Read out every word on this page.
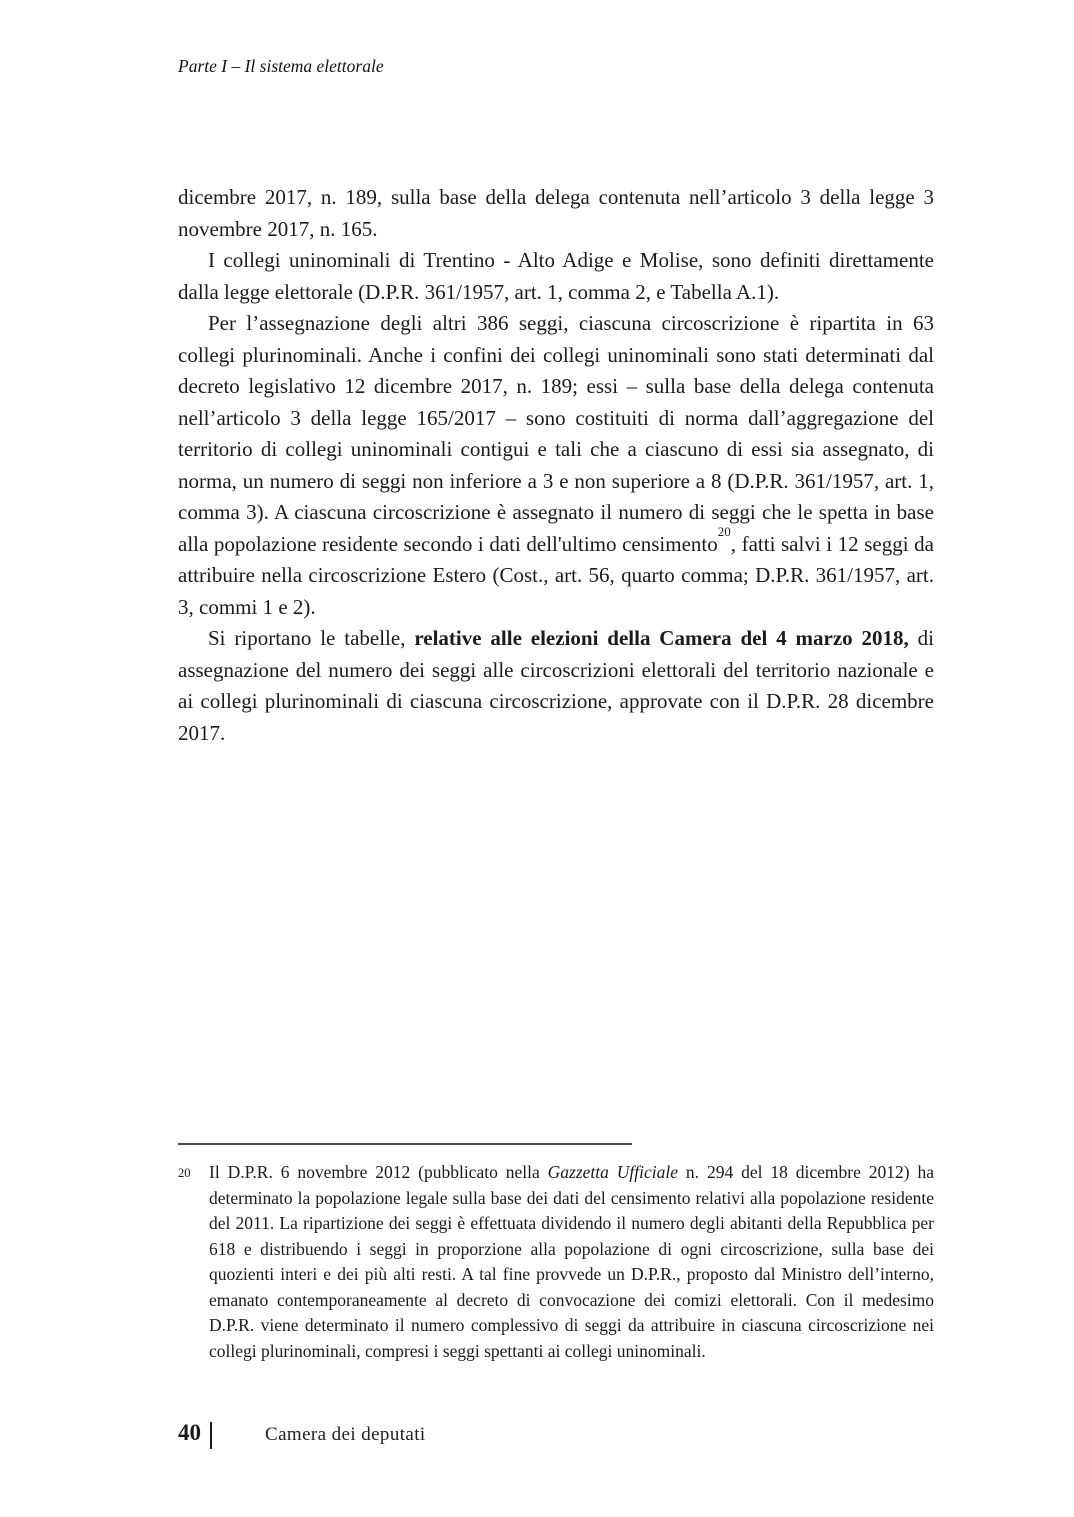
Parte I – Il sistema elettorale

dicembre 2017, n. 189, sulla base della delega contenuta nell’articolo 3 della legge 3 novembre 2017, n. 165.

I collegi uninominali di Trentino - Alto Adige e Molise, sono definiti direttamente dalla legge elettorale (D.P.R. 361/1957, art. 1, comma 2, e Tabella A.1).

Per l’assegnazione degli altri 386 seggi, ciascuna circoscrizione è ripartita in 63 collegi plurinominali. Anche i confini dei collegi uninominali sono stati determinati dal decreto legislativo 12 dicembre 2017, n. 189; essi – sulla base della delega contenuta nell’articolo 3 della legge 165/2017 – sono costituiti di norma dall’aggregazione del territorio di collegi uninominali contigui e tali che a ciascuno di essi sia assegnato, di norma, un numero di seggi non inferiore a 3 e non superiore a 8 (D.P.R. 361/1957, art. 1, comma 3). A ciascuna circoscrizione è assegnato il numero di seggi che le spetta in base alla popolazione residente secondo i dati dell'ultimo censimento$^{20}$, fatti salvi i 12 seggi da attribuire nella circoscrizione Estero (Cost., art. 56, quarto comma; D.P.R. 361/1957, art. 3, commi 1 e 2).

Si riportano le tabelle, relative alle elezioni della Camera del 4 marzo 2018, di assegnazione del numero dei seggi alle circoscrizioni elettorali del territorio nazionale e ai collegi plurinominali di ciascuna circoscrizione, approvate con il D.P.R. 28 dicembre 2017.

20	Il D.P.R. 6 novembre 2012 (pubblicato nella Gazzetta Ufficiale n. 294 del 18 dicembre 2012) ha determinato la popolazione legale sulla base dei dati del censimento relativi alla popolazione residente del 2011. La ripartizione dei seggi è effettuata dividendo il numero degli abitanti della Repubblica per 618 e distribuendo i seggi in proporzione alla popolazione di ogni circoscrizione, sulla base dei quozienti interi e dei più alti resti. A tal fine provvede un D.P.R., proposto dal Ministro dell’interno, emanato contemporaneamente al decreto di convocazione dei comizi elettorali. Con il medesimo D.P.R. viene determinato il numero complessivo di seggi da attribuire in ciascuna circoscrizione nei collegi plurinominali, compresi i seggi spettanti ai collegi uninominali.
40	Camera dei deputati
